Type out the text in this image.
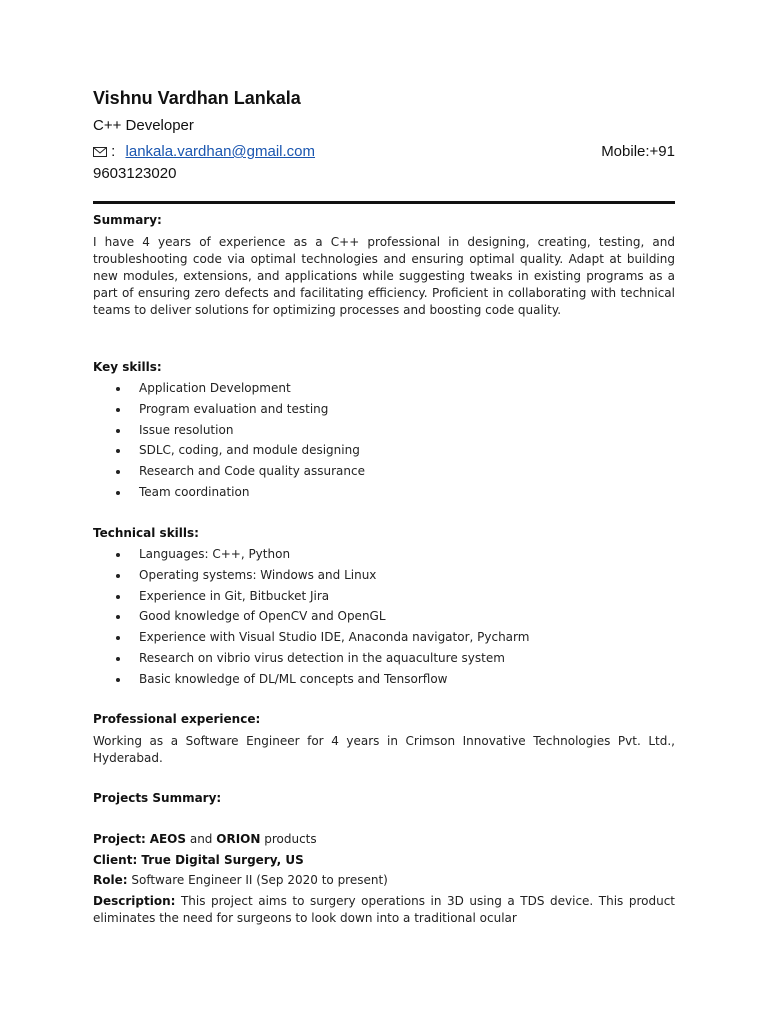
Vishnu Vardhan Lankala
C++ Developer
: lankala.vardhan@gmail.com	Mobile:+91
9603123020
Summary:
I have 4 years of experience as a C++ professional in designing, creating, testing, and troubleshooting code via optimal technologies and ensuring optimal quality. Adapt at building new modules, extensions, and applications while suggesting tweaks in existing programs as a part of ensuring zero defects and facilitating efficiency. Proficient in collaborating with technical teams to deliver solutions for optimizing processes and boosting code quality.
Key skills:
Application Development
Program evaluation and testing
Issue resolution
SDLC, coding, and module designing
Research and Code quality assurance
Team coordination
Technical skills:
Languages: C++, Python
Operating systems: Windows and Linux
Experience in Git, Bitbucket Jira
Good knowledge of OpenCV and OpenGL
Experience with Visual Studio IDE, Anaconda navigator, Pycharm
Research on vibrio virus detection in the aquaculture system
Basic knowledge of DL/ML concepts and Tensorflow
Professional experience:
Working as a Software Engineer for 4 years in Crimson Innovative Technologies Pvt. Ltd., Hyderabad.
Projects Summary:
Project: AEOS and ORION products
Client: True Digital Surgery, US
Role: Software Engineer II (Sep 2020 to present)
Description: This project aims to surgery operations in 3D using a TDS device. This product eliminates the need for surgeons to look down into a traditional ocular
